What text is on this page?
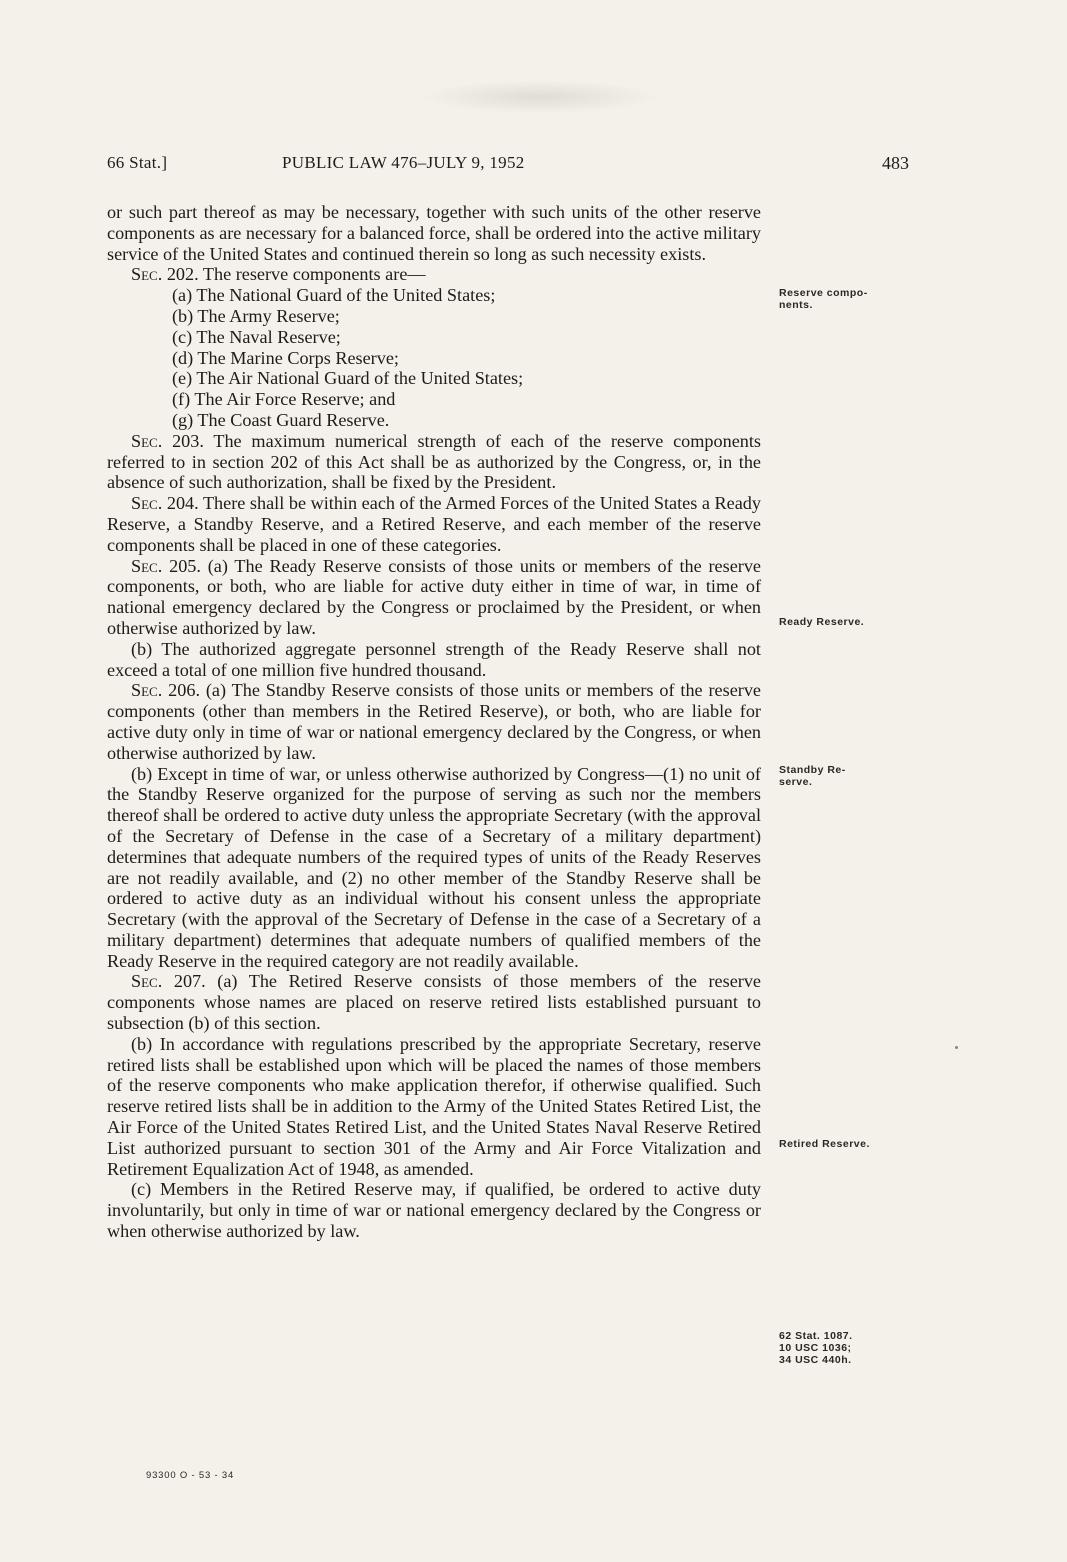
66 Stat.]	PUBLIC LAW 476–JULY 9, 1952	483

or such part thereof as may be necessary, together with such units of the other reserve components as are necessary for a balanced force, shall be ordered into the active military service of the United States and continued therein so long as such necessity exists.

Sec. 202. The reserve components are—

(a) The National Guard of the United States;

(b) The Army Reserve;

(c) The Naval Reserve;

(d) The Marine Corps Reserve;

(e) The Air National Guard of the United States;

(f) The Air Force Reserve; and

(g) The Coast Guard Reserve.

Sec. 203. The maximum numerical strength of each of the reserve components referred to in section 202 of this Act shall be as authorized by the Congress, or, in the absence of such authorization, shall be fixed by the President.

Sec. 204. There shall be within each of the Armed Forces of the United States a Ready Reserve, a Standby Reserve, and a Retired Reserve, and each member of the reserve components shall be placed in one of these categories.

Sec. 205. (a) The Ready Reserve consists of those units or members of the reserve components, or both, who are liable for active duty either in time of war, in time of national emergency declared by the Congress or proclaimed by the President, or when otherwise authorized by law.

(b) The authorized aggregate personnel strength of the Ready Reserve shall not exceed a total of one million five hundred thousand.

Sec. 206. (a) The Standby Reserve consists of those units or members of the reserve components (other than members in the Retired Reserve), or both, who are liable for active duty only in time of war or national emergency declared by the Congress, or when otherwise authorized by law.

(b) Except in time of war, or unless otherwise authorized by Congress—(1) no unit of the Standby Reserve organized for the purpose of serving as such nor the members thereof shall be ordered to active duty unless the appropriate Secretary (with the approval of the Secretary of Defense in the case of a Secretary of a military department) determines that adequate numbers of the required types of units of the Ready Reserves are not readily available, and (2) no other member of the Standby Reserve shall be ordered to active duty as an individual without his consent unless the appropriate Secretary (with the approval of the Secretary of Defense in the case of a Secretary of a military department) determines that adequate numbers of qualified members of the Ready Reserve in the required category are not readily available.

Sec. 207. (a) The Retired Reserve consists of those members of the reserve components whose names are placed on reserve retired lists established pursuant to subsection (b) of this section.

(b) In accordance with regulations prescribed by the appropriate Secretary, reserve retired lists shall be established upon which will be placed the names of those members of the reserve components who make application therefor, if otherwise qualified. Such reserve retired lists shall be in addition to the Army of the United States Retired List, the Air Force of the United States Retired List, and the United States Naval Reserve Retired List authorized pursuant to section 301 of the Army and Air Force Vitalization and Retirement Equalization Act of 1948, as amended.

(c) Members in the Retired Reserve may, if qualified, be ordered to active duty involuntarily, but only in time of war or national emergency declared by the Congress or when otherwise authorized by law.

Reserve compo-
nents.
Ready Reserve.
Standby Re-
serve.
Retired Reserve.
62 Stat. 1087.
10 USC 1036;
34 USC 440h.
93300 O - 53 - 34
